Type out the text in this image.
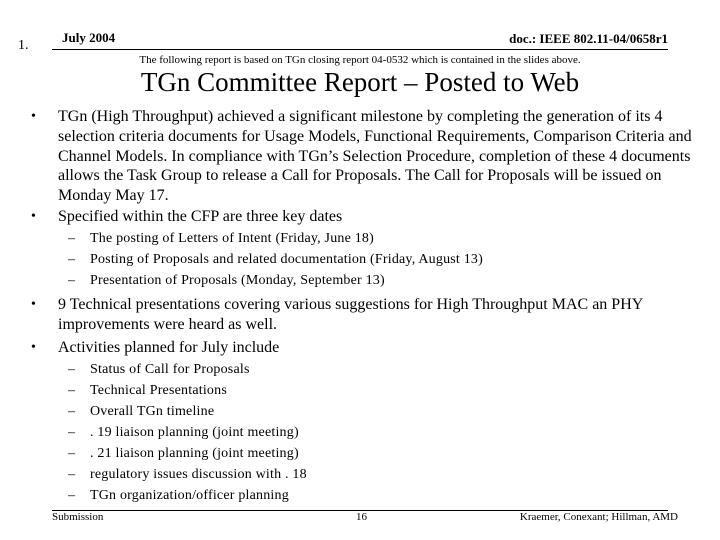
July 2004	doc.: IEEE 802.11-04/0658r1
1.
The following report is based on TGn closing report 04-0532 which is contained in the slides above.
TGn Committee Report – Posted to Web
• TGn (High Throughput) achieved a significant milestone by completing the generation of its 4 selection criteria documents for Usage Models, Functional Requirements, Comparison Criteria and Channel Models. In compliance with TGn’s Selection Procedure, completion of these 4 documents allows the Task Group to release a Call for Proposals. The Call for Proposals will be issued on Monday May 17.
• Specified within the CFP are three key dates
– The posting of Letters of Intent (Friday, June 18)
– Posting of Proposals and related documentation (Friday, August 13)
– Presentation of Proposals (Monday, September 13)
• 9 Technical presentations covering various suggestions for High Throughput MAC an PHY improvements were heard as well.
• Activities planned for July include
– Status of Call for Proposals
– Technical Presentations
– Overall TGn timeline
– . 19 liaison planning (joint meeting)
– . 21 liaison planning (joint meeting)
– regulatory issues discussion with . 18
– TGn organization/officer planning
Submission	16	Kraemer, Conexant; Hillman, AMD
